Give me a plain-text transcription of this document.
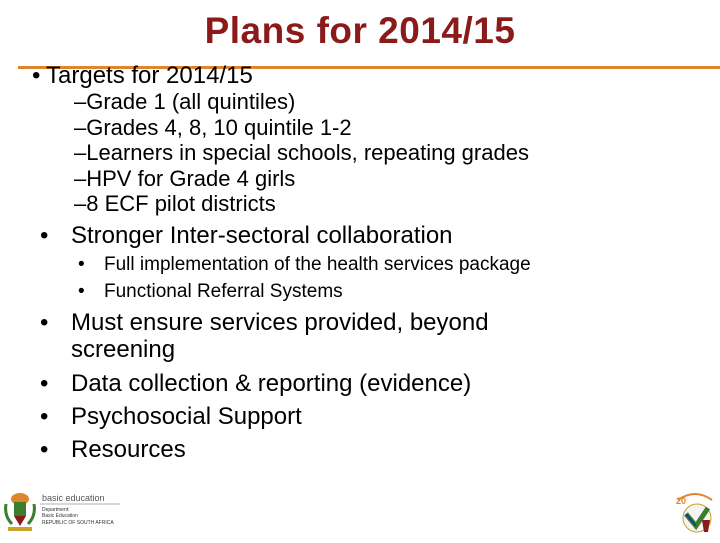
Plans for 2014/15
• Targets for 2014/15
–Grade 1 (all quintiles)
–Grades 4, 8, 10 quintile 1-2
–Learners in special schools, repeating grades
–HPV for Grade 4 girls
–8 ECF pilot districts
• Stronger Inter-sectoral collaboration
• Full implementation of the health services package
• Functional Referral Systems
• Must ensure services provided, beyond
screening
• Data collection & reporting (evidence)
• Psychosocial Support
• Resources
basic education
Department:
Basic Education
REPUBLIC OF SOUTH AFRICA
20
